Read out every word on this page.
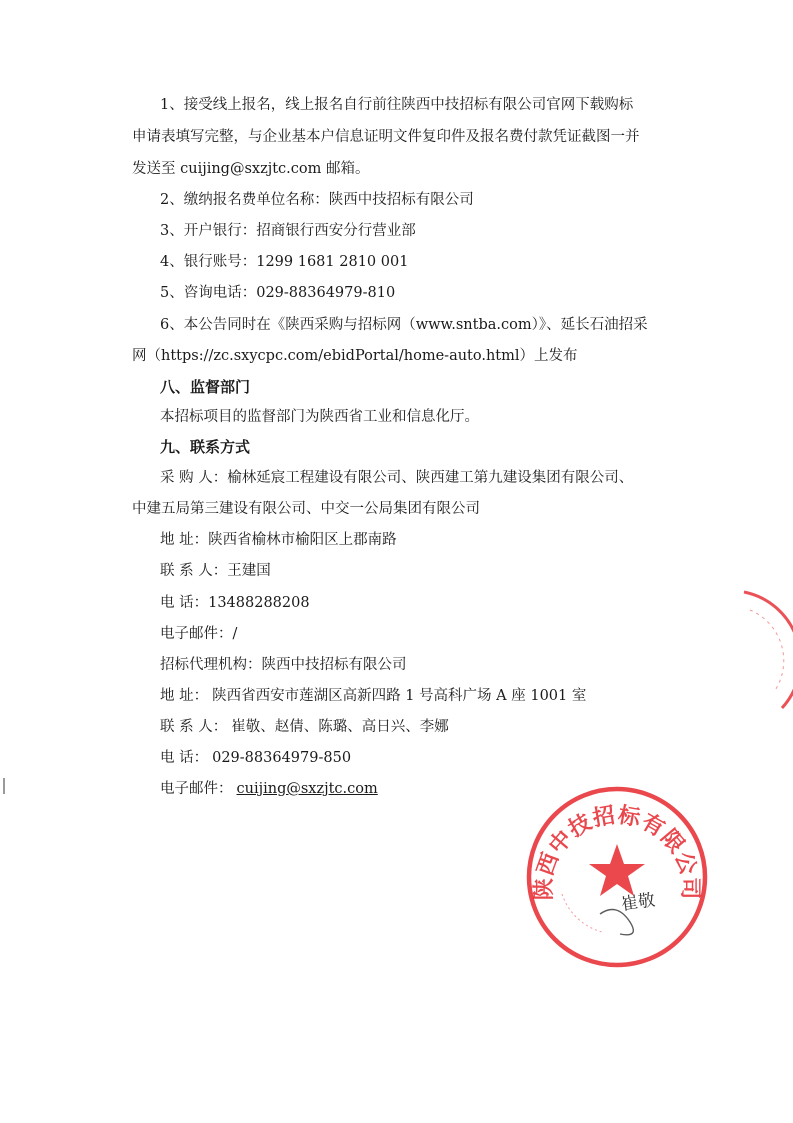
1、接受线上报名，线上报名自行前往陕西中技招标有限公司官网下载购标
申请表填写完整，与企业基本户信息证明文件复印件及报名费付款凭证截图一并
发送至 cuijing@sxzjtc.com 邮箱。
2、缴纳报名费单位名称：陕西中技招标有限公司
3、开户银行：招商银行西安分行营业部
4、银行账号：1299 1681 2810 001
5、咨询电话：029-88364979-810
6、本公告同时在《陕西采购与招标网（www.sntba.com）》、延长石油招采
网（https://zc.sxycpc.com/ebidPortal/home-auto.html）上发布
八、监督部门
本招标项目的监督部门为陕西省工业和信息化厅。
九、联系方式
采 购 人：榆林延宸工程建设有限公司、陕西建工第九建设集团有限公司、
中建五局第三建设有限公司、中交一公局集团有限公司
地 址：陕西省榆林市榆阳区上郡南路
联 系 人：王建国
电 话：13488288208
电子邮件：/
招标代理机构：陕西中技招标有限公司
地 址： 陕西省西安市莲湖区高新四路 1 号高科广场 A 座 1001 室
联 系 人： 崔敬、赵倩、陈璐、高日兴、李娜
电 话： 029-88364979-850
电子邮件： cuijing@sxzjtc.com
陕西中技招标有限公司
崔敬
